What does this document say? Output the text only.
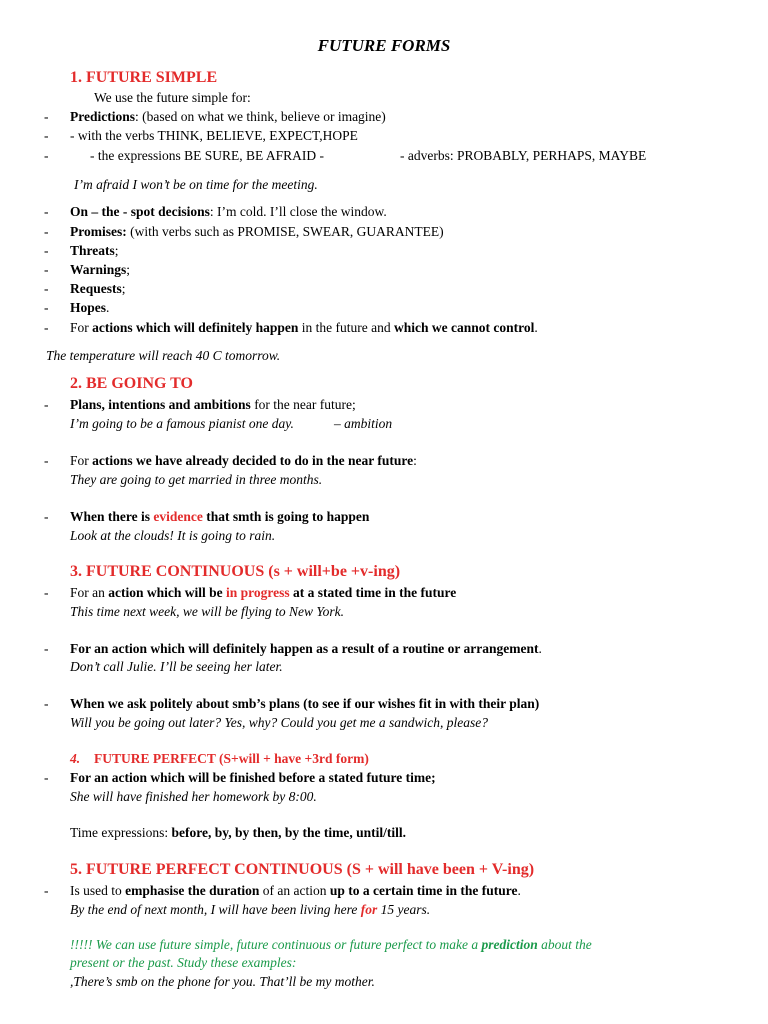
FUTURE FORMS
1. FUTURE SIMPLE
We use the future simple for:
- Predictions: (based on what we think, believe or imagine)
- - with the verbs THINK, BELIEVE, EXPECT,HOPE
-	- the expressions BE SURE, BE AFRAID -	- adverbs: PROBABLY, PERHAPS, MAYBE
I’m afraid I won’t be on time for the meeting.
- On – the - spot decisions: I’m cold. I’ll close the window.
- Promises: (with verbs such as PROMISE, SWEAR, GUARANTEE)
- Threats;
- Warnings;
- Requests;
- Hopes.
- For actions which will definitely happen in the future and which we cannot control.
The temperature will reach 40 C tomorrow.
2. BE GOING TO
- Plans, intentions and ambitions for the near future;
I’m going to be a famous pianist one day.	– ambition
- For actions we have already decided to do in the near future:
They are going to get married in three months.
- When there is evidence that smth is going to happen
Look at the clouds! It is going to rain.
3. FUTURE CONTINUOUS (s + will+be +v-ing)
- For an action which will be in progress at a stated time in the future
This time next week, we will be flying to New York.
- For an action which will definitely happen as a result of a routine or arrangement.
Don’t call Julie. I’ll be seeing her later.
- When we ask politely about smb’s plans (to see if our wishes fit in with their plan)
Will you be going out later? Yes, why? Could you get me a sandwich, please?
4. FUTURE PERFECT (S+will + have +3rd form)
- For an action which will be finished before a stated future time;
She will have finished her homework by 8:00.
Time expressions: before, by, by then, by the time, until/till.
5. FUTURE PERFECT CONTINUOUS (S + will have been + V-ing)
- Is used to emphasise the duration of an action up to a certain time in the future.
By the end of next month, I will have been living here for 15 years.
!!!!! We can use future simple, future continuous or future perfect to make a prediction about the
present or the past. Study these examples:
,There’s smb on the phone for you. That’ll be my mother.
